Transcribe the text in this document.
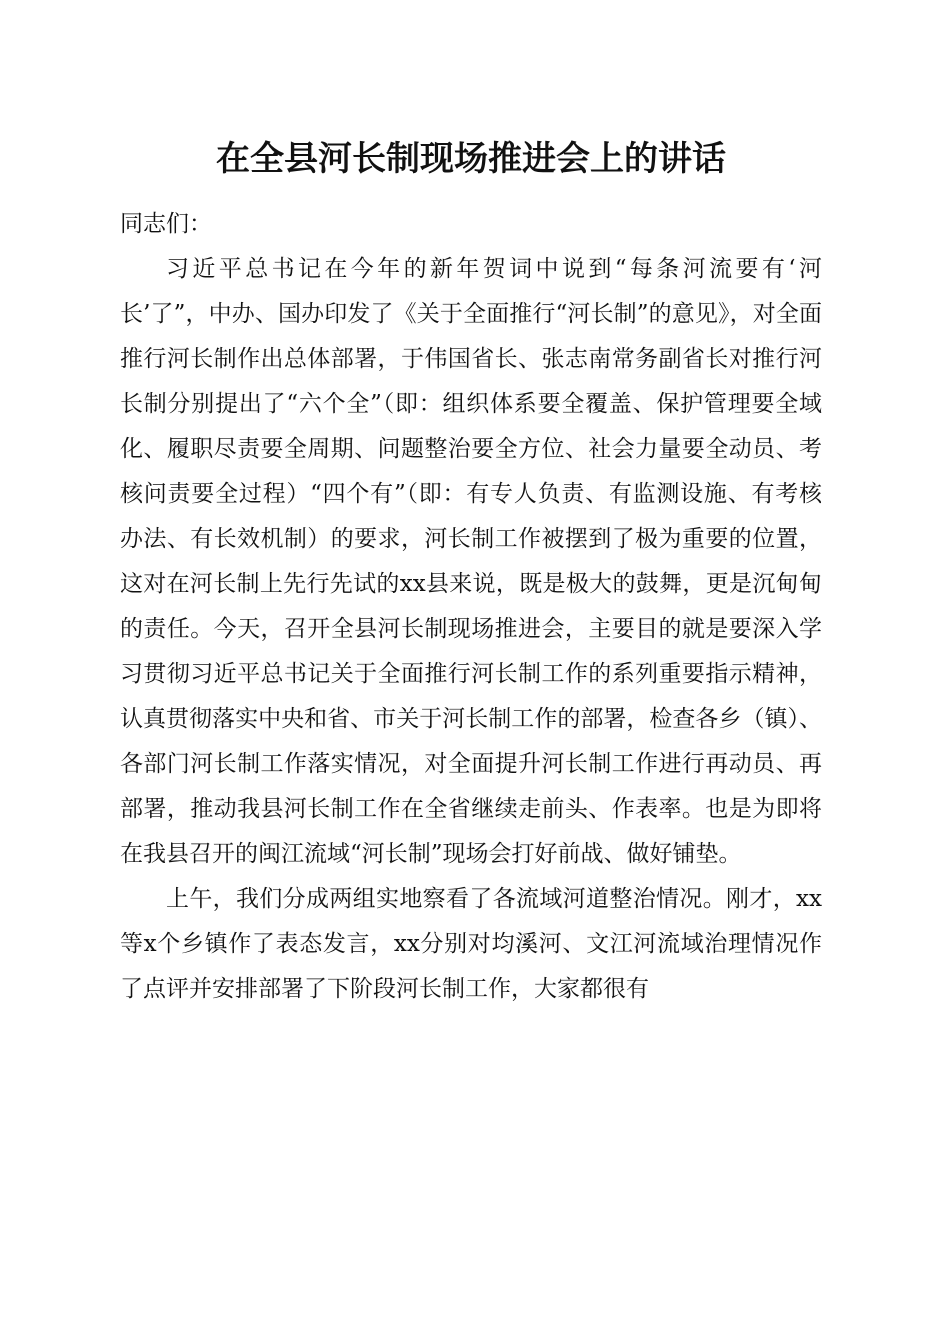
在全县河长制现场推进会上的讲话

同志们：

习近平总书记在今年的新年贺词中说到“每条河流要有‘河长’了”，中办、国办印发了《关于全面推行“河长制”的意见》，对全面推行河长制作出总体部署，于伟国省长、张志南常务副省长对推行河长制分别提出了“六个全”（即：组织体系要全覆盖、保护管理要全域化、履职尽责要全周期、问题整治要全方位、社会力量要全动员、考核问责要全过程）“四个有”（即：有专人负责、有监测设施、有考核办法、有长效机制）的要求，河长制工作被摆到了极为重要的位置，这对在河长制上先行先试的xx县来说，既是极大的鼓舞，更是沉甸甸的责任。今天，召开全县河长制现场推进会，主要目的就是要深入学习贯彻习近平总书记关于全面推行河长制工作的系列重要指示精神，认真贯彻落实中央和省、市关于河长制工作的部署，检查各乡（镇）、各部门河长制工作落实情况，对全面提升河长制工作进行再动员、再部署，推动我县河长制工作在全省继续走前头、作表率。也是为即将在我县召开的闽江流域“河长制”现场会打好前战、做好铺垫。

上午，我们分成两组实地察看了各流域河道整治情况。刚才，xx等x个乡镇作了表态发言，xx分别对均溪河、文江河流域治理情况作了点评并安排部署了下阶段河长制工作，大家都很有
